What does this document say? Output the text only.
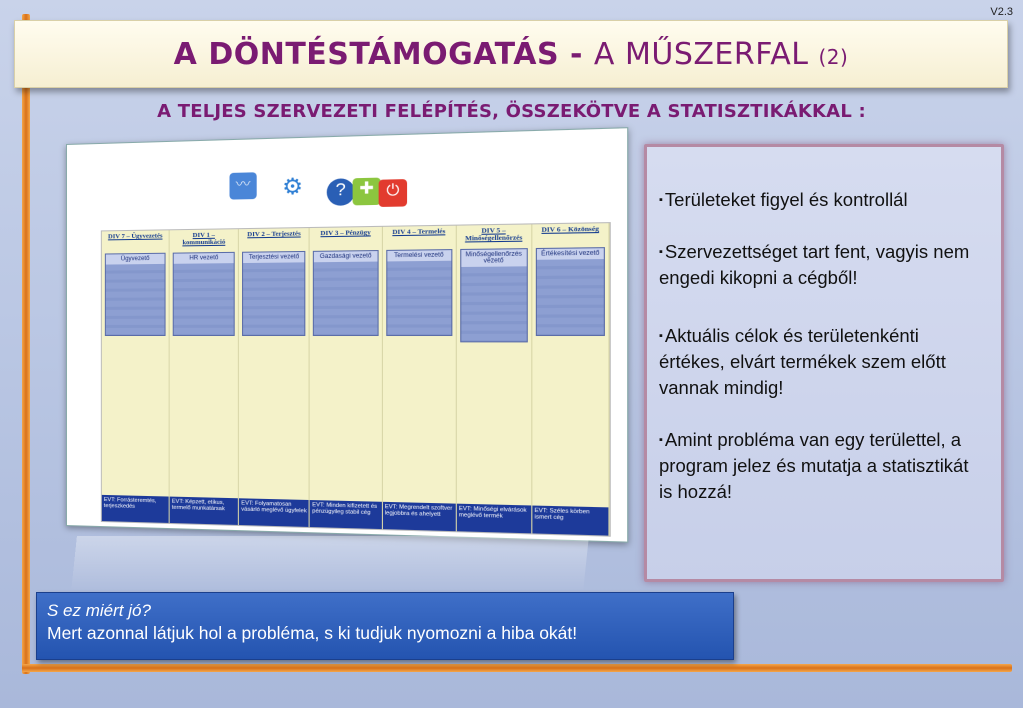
V2.3
A DÖNTÉSTÁMOGATÁS - A MŰSZERFAL (2)
A TELJES SZERVEZETI FELÉPÍTÉS, ÖSSZEKÖTVE A STATISZTIKÁKKAL :
〰 ⚙	? ✚ ⏻
DIV 7 – Ügyvezetés
Ügyvezető
EVT: Forrásteremtés, terjeszkedés
DIV 1 – kommunikáció
HR vezető
EVT: Képzett, etikus, termelő munkatársak
DIV 2 – Terjesztés
Terjesztési vezető
EVT: Folyamatosan vásárló meglévő ügyfelek
DIV 3 – Pénzügy
Gazdasági vezető
EVT: Minden kifizetett és pénzügyileg stabil cég
DIV 4 – Termelés
Termelési vezető
EVT: Megrendelt szoftver legjobbra és ahelyett
DIV 5 – Minőségellenőrzés
Minőségellenőrzés vezető
EVT: Minőségi elvárások meglévő termék
DIV 6 – Közönség
Értékesítési vezető
EVT: Széles körben ismert cég
▪ Területeket figyel és kontrollál
▪ Szervezettséget tart fent, vagyis nem engedi kikopni a cégből!
▪ Aktuális célok és területenkénti értékes, elvárt termékek szem előtt vannak mindig!
▪ Amint probléma van egy területtel, a program jelez és mutatja a statisztikát is hozzá!
S ez miért jó?
Mert azonnal látjuk hol a probléma, s ki tudjuk nyomozni a hiba okát!
